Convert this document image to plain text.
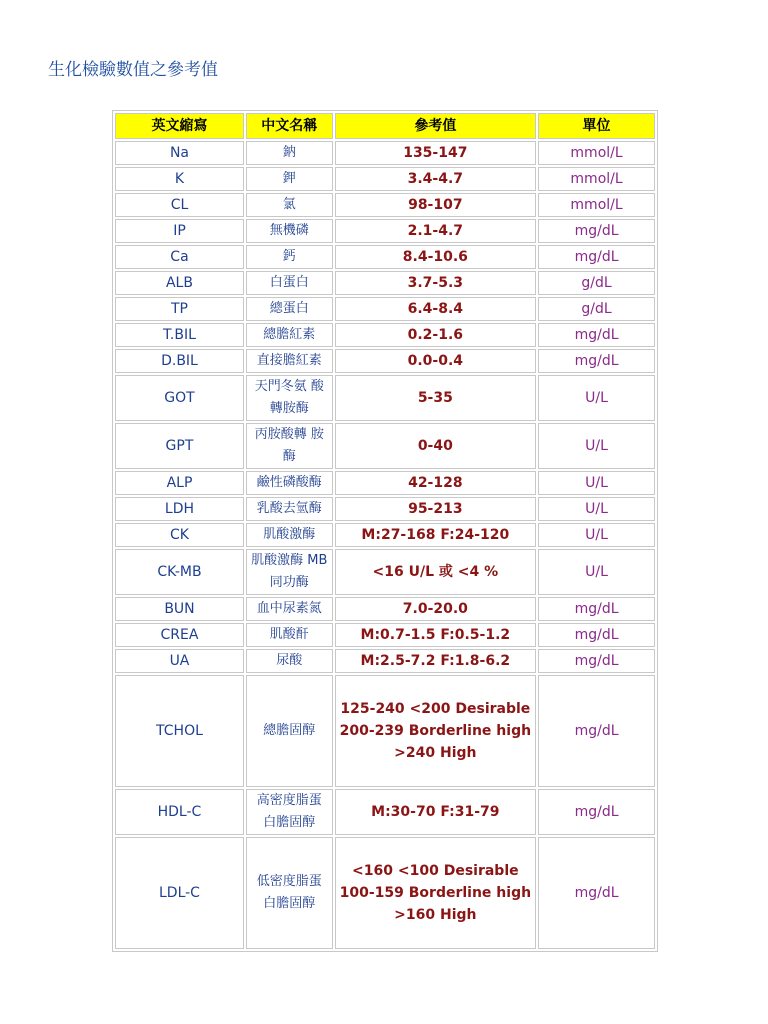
生化檢驗數值之參考值
英文縮寫	中文名稱	參考值	單位
Na	鈉	135-147	mmol/L
K	鉀	3.4-4.7	mmol/L
CL	氯	98-107	mmol/L
IP	無機磷	2.1-4.7	mg/dL
Ca	鈣	8.4-10.6	mg/dL
ALB	白蛋白	3.7-5.3	g/dL
TP	總蛋白	6.4-8.4	g/dL
T.BIL	總膽紅素	0.2-1.6	mg/dL
D.BIL	直接膽紅素	0.0-0.4	mg/dL
GOT	天門冬氨 酸轉胺酶	5-35	U/L
GPT	丙胺酸轉 胺酶	0-40	U/L
ALP	鹼性磷酸酶	42-128	U/L
LDH	乳酸去氫酶	95-213	U/L
CK	肌酸激酶	M:27-168 F:24-120	U/L
CK-MB	肌酸激酶 MB 同功酶	<16 U/L 或 <4 %	U/L
BUN	血中尿素氮	7.0-20.0	mg/dL
CREA	肌酸酐	M:0.7-1.5 F:0.5-1.2	mg/dL
UA	尿酸	M:2.5-7.2 F:1.8-6.2	mg/dL
TCHOL	總膽固醇	125-240 <200 Desirable 200-239 Borderline high >240 High	mg/dL
HDL-C	高密度脂蛋 白膽固醇	M:30-70 F:31-79	mg/dL
LDL-C	低密度脂蛋 白膽固醇	<160 <100 Desirable 100-159 Borderline high >160 High	mg/dL
